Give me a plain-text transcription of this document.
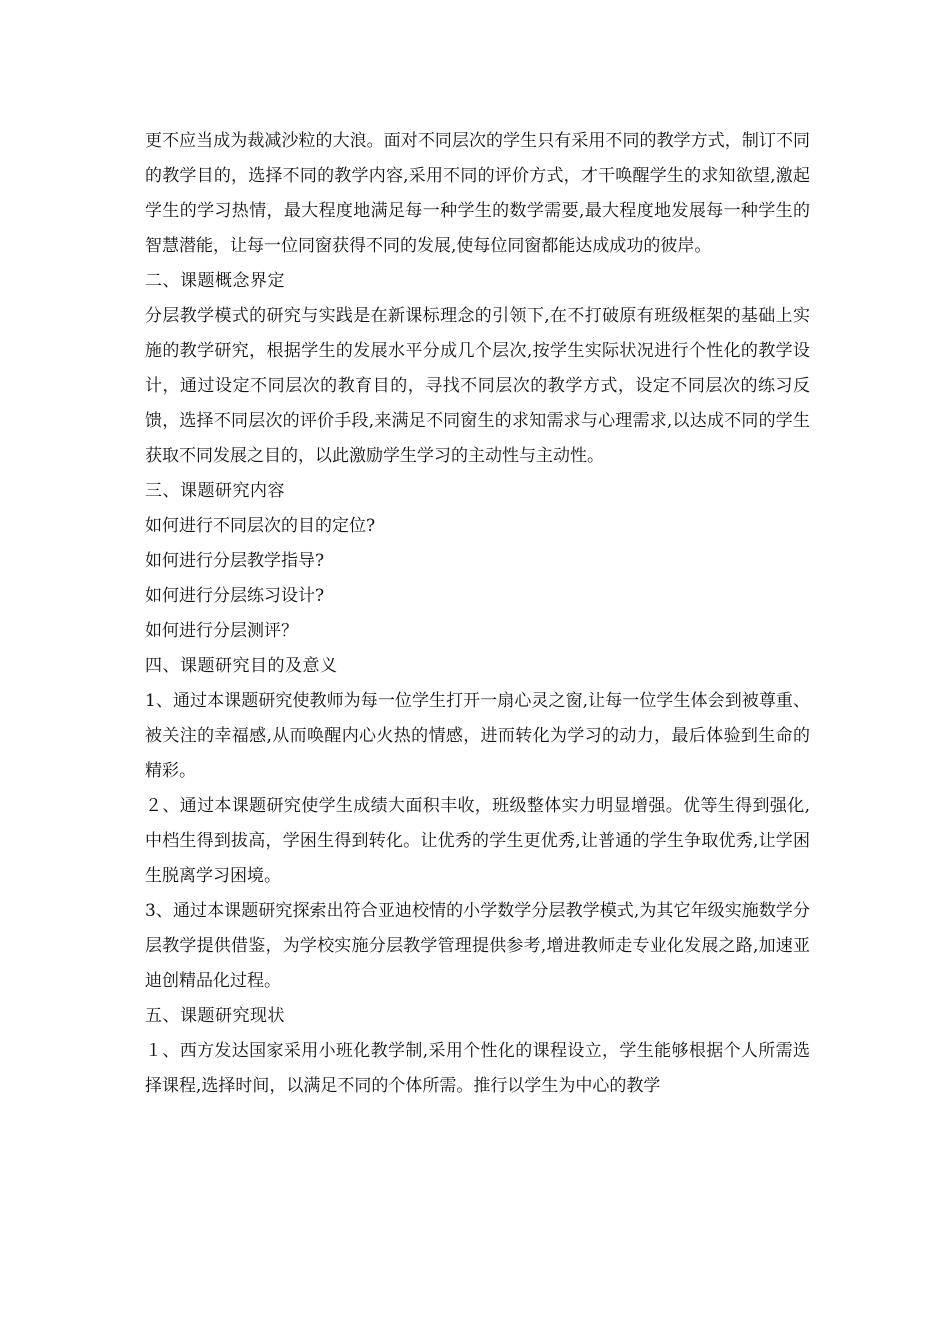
更不应当成为裁减沙粒的大浪。面对不同层次的学生只有采用不同的教学方式，制订不同的教学目的，选择不同的教学内容,采用不同的评价方式，才干唤醒学生的求知欲望,激起学生的学习热情，最大程度地满足每一种学生的数学需要,最大程度地发展每一种学生的智慧潜能，让每一位同窗获得不同的发展,使每位同窗都能达成成功的彼岸。

二、课题概念界定

分层教学模式的研究与实践是在新课标理念的引领下,在不打破原有班级框架的基础上实施的教学研究，根据学生的发展水平分成几个层次,按学生实际状况进行个性化的教学设计，通过设定不同层次的教育目的，寻找不同层次的教学方式，设定不同层次的练习反馈，选择不同层次的评价手段,来满足不同窗生的求知需求与心理需求,以达成不同的学生获取不同发展之目的，以此激励学生学习的主动性与主动性。

三、课题研究内容

如何进行不同层次的目的定位?

如何进行分层教学指导?

如何进行分层练习设计?

如何进行分层测评？

四、课题研究目的及意义

1、通过本课题研究使教师为每一位学生打开一扇心灵之窗,让每一位学生体会到被尊重、被关注的幸福感,从而唤醒内心火热的情感，进而转化为学习的动力，最后体验到生命的精彩。

２、通过本课题研究使学生成绩大面积丰收，班级整体实力明显增强。优等生得到强化,中档生得到拔高，学困生得到转化。让优秀的学生更优秀,让普通的学生争取优秀,让学困生脱离学习困境。

3、通过本课题研究探索出符合亚迪校情的小学数学分层教学模式,为其它年级实施数学分层教学提供借鉴，为学校实施分层教学管理提供参考,增进教师走专业化发展之路,加速亚迪创精品化过程。

五、课题研究现状

１、西方发达国家采用小班化教学制,采用个性化的课程设立，学生能够根据个人所需选择课程,选择时间，以满足不同的个体所需。推行以学生为中心的教学
